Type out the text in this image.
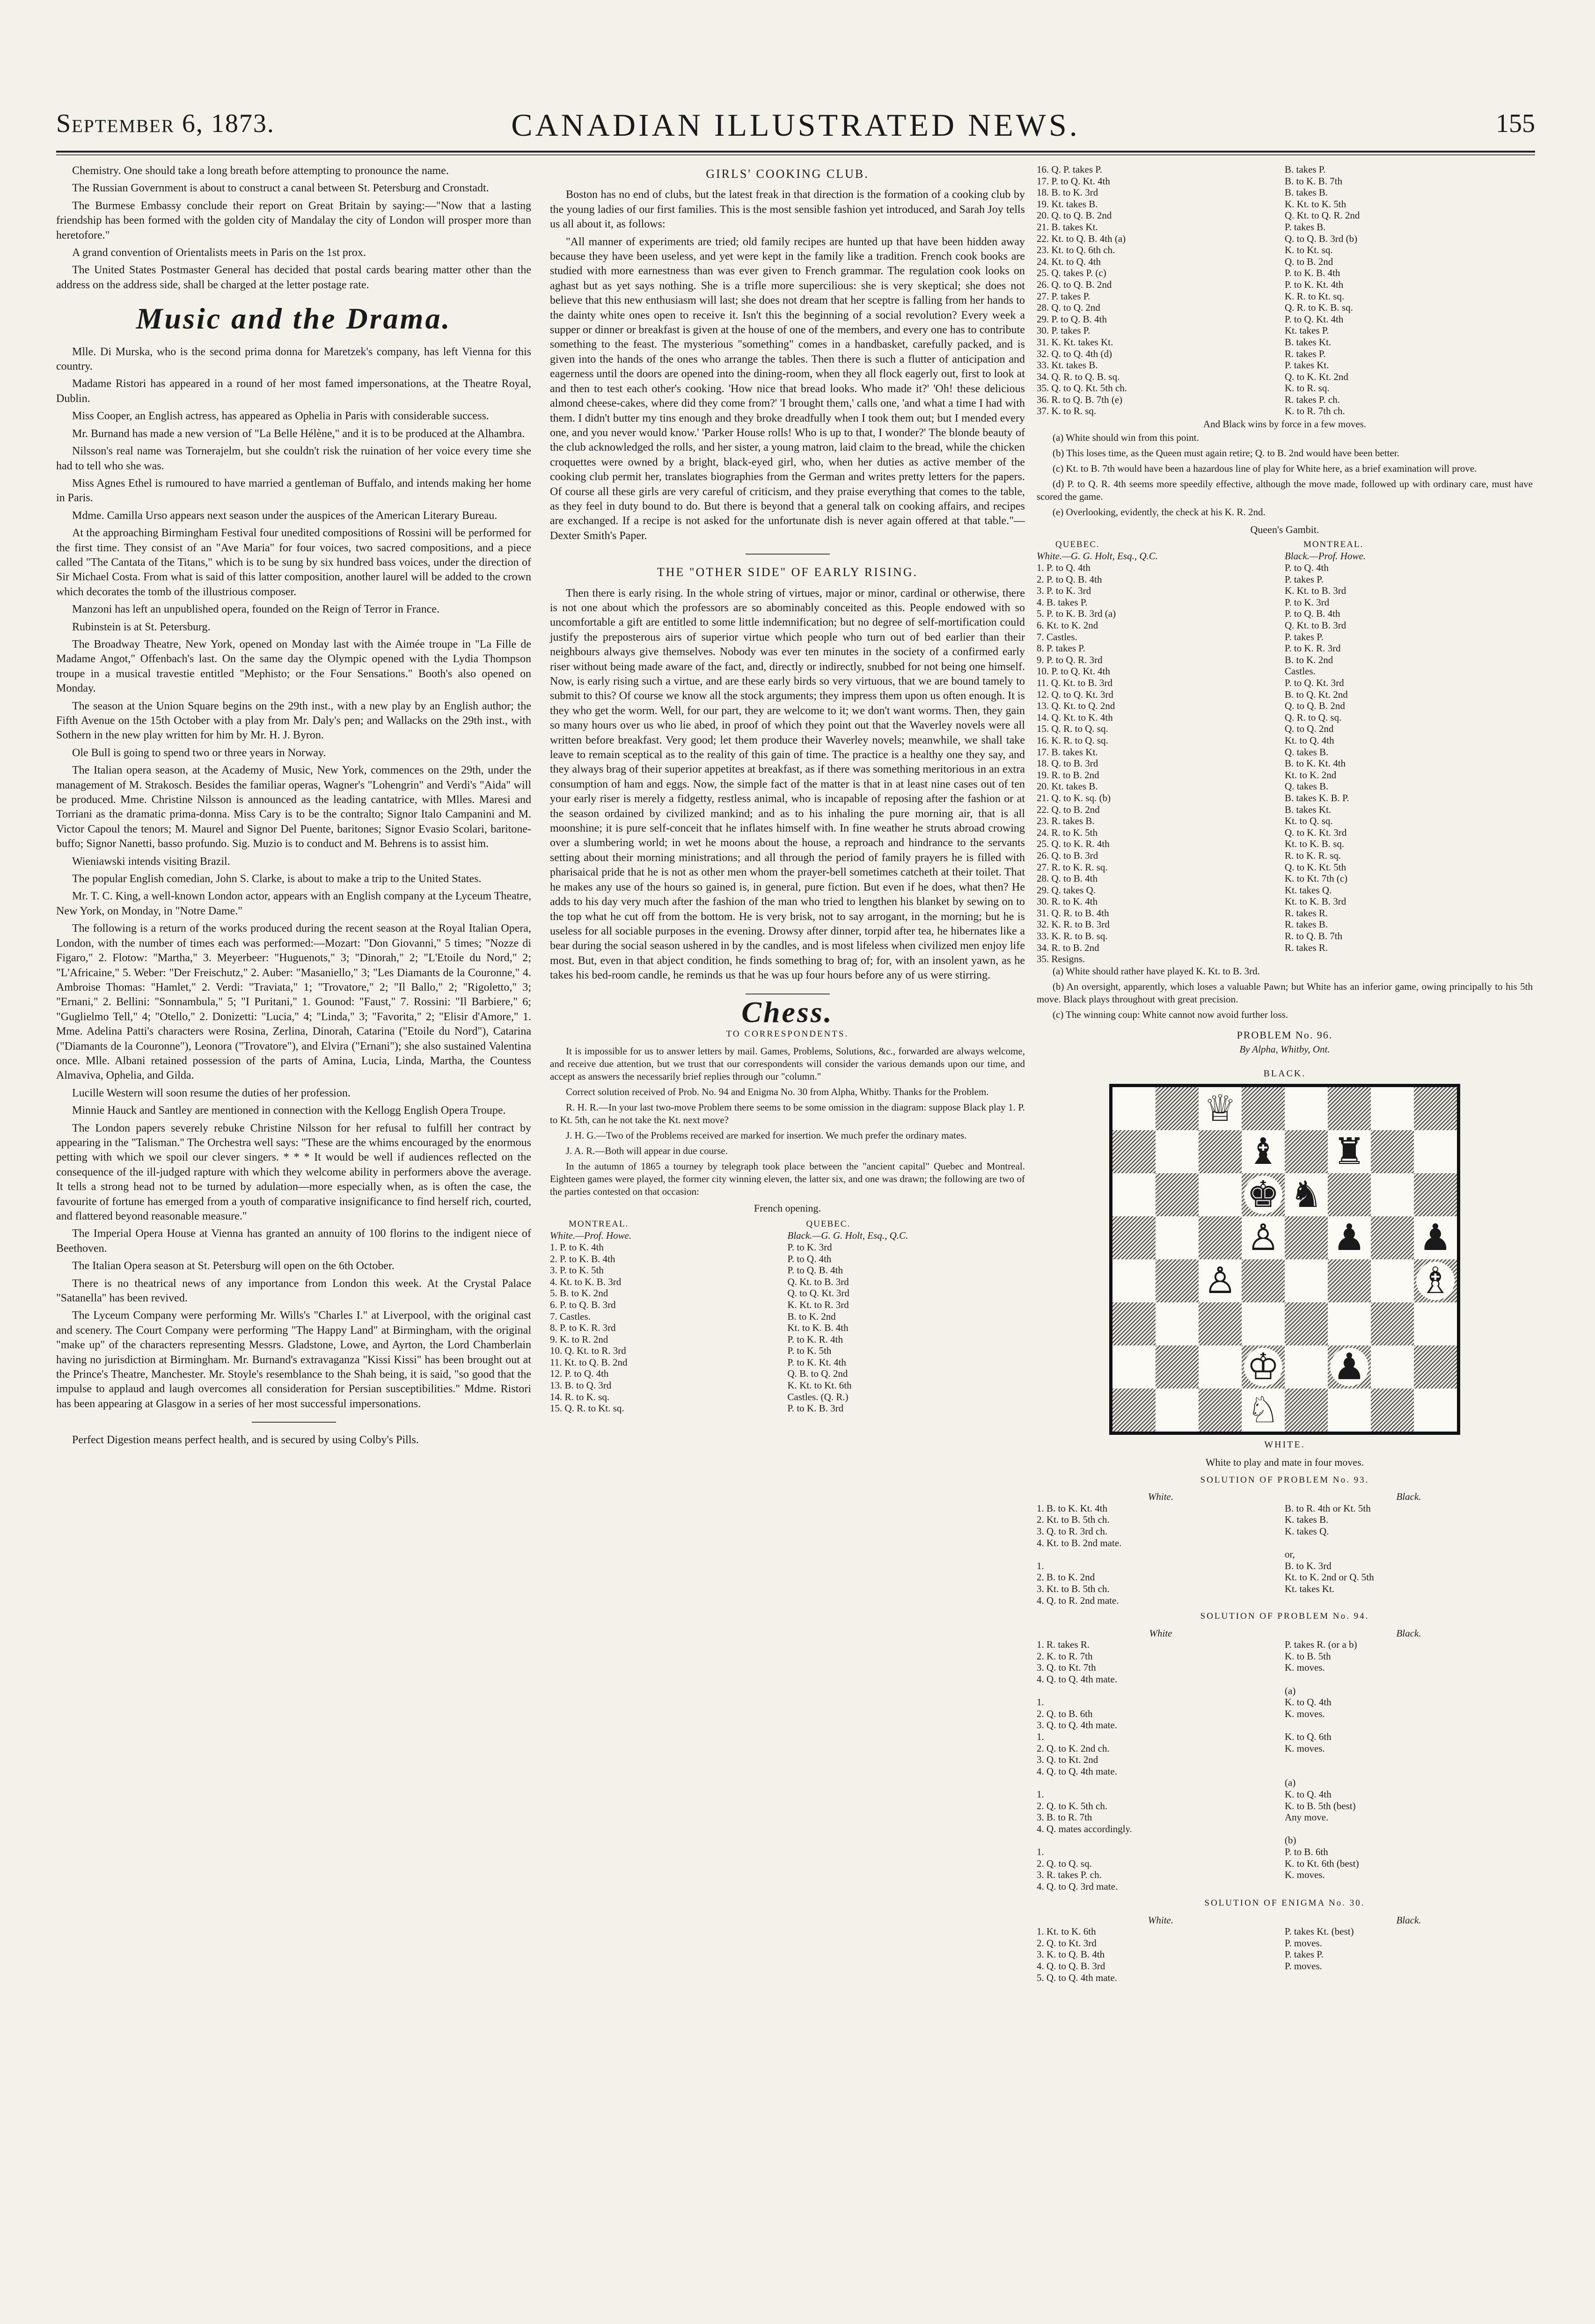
September 6, 1873.	CANADIAN ILLUSTRATED NEWS.	155

Chemistry. One should take a long breath before attempting to pronounce the name.

The Russian Government is about to construct a canal between St. Petersburg and Cronstadt.

The Burmese Embassy conclude their report on Great Britain by saying:—"Now that a lasting friendship has been formed with the golden city of Mandalay the city of London will prosper more than heretofore."

A grand convention of Orientalists meets in Paris on the 1st prox.

The United States Postmaster General has decided that postal cards bearing matter other than the address on the address side, shall be charged at the letter postage rate.

Music and the Drama.

Mlle. Di Murska, who is the second prima donna for Maretzek's company, has left Vienna for this country.

Madame Ristori has appeared in a round of her most famed impersonations, at the Theatre Royal, Dublin.

Miss Cooper, an English actress, has appeared as Ophelia in Paris with considerable success.

Mr. Burnand has made a new version of "La Belle Hélène," and it is to be produced at the Alhambra.

Nilsson's real name was Tornerajelm, but she couldn't risk the ruination of her voice every time she had to tell who she was.

Miss Agnes Ethel is rumoured to have married a gentleman of Buffalo, and intends making her home in Paris.

Mdme. Camilla Urso appears next season under the auspices of the American Literary Bureau.

At the approaching Birmingham Festival four unedited compositions of Rossini will be performed for the first time. They consist of an "Ave Maria" for four voices, two sacred compositions, and a piece called "The Cantata of the Titans," which is to be sung by six hundred bass voices, under the direction of Sir Michael Costa. From what is said of this latter composition, another laurel will be added to the crown which decorates the tomb of the illustrious composer.

Manzoni has left an unpublished opera, founded on the Reign of Terror in France.

Rubinstein is at St. Petersburg.

The Broadway Theatre, New York, opened on Monday last with the Aimée troupe in "La Fille de Madame Angot," Offenbach's last. On the same day the Olympic opened with the Lydia Thompson troupe in a musical travestie entitled "Mephisto; or the Four Sensations." Booth's also opened on Monday.

The season at the Union Square begins on the 29th inst., with a new play by an English author; the Fifth Avenue on the 15th October with a play from Mr. Daly's pen; and Wallacks on the 29th inst., with Sothern in the new play written for him by Mr. H. J. Byron.

Ole Bull is going to spend two or three years in Norway.

The Italian opera season, at the Academy of Music, New York, commences on the 29th, under the management of M. Strakosch. Besides the familiar operas, Wagner's "Lohengrin" and Verdi's "Aida" will be produced. Mme. Christine Nilsson is announced as the leading cantatrice, with Mlles. Maresi and Torriani as the dramatic prima-donna. Miss Cary is to be the contralto; Signor Italo Campanini and M. Victor Capoul the tenors; M. Maurel and Signor Del Puente, baritones; Signor Evasio Scolari, baritone-buffo; Signor Nanetti, basso profundo. Sig. Muzio is to conduct and M. Behrens is to assist him.

Wieniawski intends visiting Brazil.

The popular English comedian, John S. Clarke, is about to make a trip to the United States.

Mr. T. C. King, a well-known London actor, appears with an English company at the Lyceum Theatre, New York, on Monday, in "Notre Dame."

The following is a return of the works produced during the recent season at the Royal Italian Opera, London, with the number of times each was performed:—Mozart: "Don Giovanni," 5 times; "Nozze di Figaro," 2. Flotow: "Martha," 3. Meyerbeer: "Huguenots," 3; "Dinorah," 2; "L'Etoile du Nord," 2; "L'Africaine," 5. Weber: "Der Freischutz," 2. Auber: "Masaniello," 3; "Les Diamants de la Couronne," 4. Ambroise Thomas: "Hamlet," 2. Verdi: "Traviata," 1; "Trovatore," 2; "Il Ballo," 2; "Rigoletto," 3; "Ernani," 2. Bellini: "Sonnambula," 5; "I Puritani," 1. Gounod: "Faust," 7. Rossini: "Il Barbiere," 6; "Guglielmo Tell," 4; "Otello," 2. Donizetti: "Lucia," 4; "Linda," 3; "Favorita," 2; "Elisir d'Amore," 1. Mme. Adelina Patti's characters were Rosina, Zerlina, Dinorah, Catarina ("Etoile du Nord"), Catarina ("Diamants de la Couronne"), Leonora ("Trovatore"), and Elvira ("Ernani"); she also sustained Valentina once. Mlle. Albani retained possession of the parts of Amina, Lucia, Linda, Martha, the Countess Almaviva, Ophelia, and Gilda.

Lucille Western will soon resume the duties of her profession.

Minnie Hauck and Santley are mentioned in connection with the Kellogg English Opera Troupe.

The London papers severely rebuke Christine Nilsson for her refusal to fulfill her contract by appearing in the "Talisman." The Orchestra well says: "These are the whims encouraged by the enormous petting with which we spoil our clever singers. * * * It would be well if audiences reflected on the consequence of the ill-judged rapture with which they welcome ability in performers above the average. It tells a strong head not to be turned by adulation—more especially when, as is often the case, the favourite of fortune has emerged from a youth of comparative insignificance to find herself rich, courted, and flattered beyond reasonable measure."

The Imperial Opera House at Vienna has granted an annuity of 100 florins to the indigent niece of Beethoven.

The Italian Opera season at St. Petersburg will open on the 6th October.

There is no theatrical news of any importance from London this week. At the Crystal Palace "Satanella" has been revived.

The Lyceum Company were performing Mr. Wills's "Charles I." at Liverpool, with the original cast and scenery. The Court Company were performing "The Happy Land" at Birmingham, with the original "make up" of the characters representing Messrs. Gladstone, Lowe, and Ayrton, the Lord Chamberlain having no jurisdiction at Birmingham. Mr. Burnand's extravaganza "Kissi Kissi" has been brought out at the Prince's Theatre, Manchester. Mr. Stoyle's resemblance to the Shah being, it is said, "so good that the impulse to applaud and laugh overcomes all consideration for Persian susceptibilities." Mdme. Ristori has been appearing at Glasgow in a series of her most successful impersonations.

Perfect Digestion means perfect health, and is secured by using Colby's Pills.

GIRLS' COOKING CLUB.

Boston has no end of clubs, but the latest freak in that direction is the formation of a cooking club by the young ladies of our first families. This is the most sensible fashion yet introduced, and Sarah Joy tells us all about it, as follows:

"All manner of experiments are tried; old family recipes are hunted up that have been hidden away because they have been useless, and yet were kept in the family like a tradition. French cook books are studied with more earnestness than was ever given to French grammar. The regulation cook looks on aghast but as yet says nothing. She is a trifle more supercilious: she is very skeptical; she does not believe that this new enthusiasm will last; she does not dream that her sceptre is falling from her hands to the dainty white ones open to receive it. Isn't this the beginning of a social revolution? Every week a supper or dinner or breakfast is given at the house of one of the members, and every one has to contribute something to the feast. The mysterious "something" comes in a handbasket, carefully packed, and is given into the hands of the ones who arrange the tables. Then there is such a flutter of anticipation and eagerness until the doors are opened into the dining-room, when they all flock eagerly out, first to look at and then to test each other's cooking. 'How nice that bread looks. Who made it?' 'Oh! these delicious almond cheese-cakes, where did they come from?' 'I brought them,' calls one, 'and what a time I had with them. I didn't butter my tins enough and they broke dreadfully when I took them out; but I mended every one, and you never would know.' 'Parker House rolls! Who is up to that, I wonder?' The blonde beauty of the club acknowledged the rolls, and her sister, a young matron, laid claim to the bread, while the chicken croquettes were owned by a bright, black-eyed girl, who, when her duties as active member of the cooking club permit her, translates biographies from the German and writes pretty letters for the papers. Of course all these girls are very careful of criticism, and they praise everything that comes to the table, as they feel in duty bound to do. But there is beyond that a general talk on cooking affairs, and recipes are exchanged. If a recipe is not asked for the unfortunate dish is never again offered at that table."—Dexter Smith's Paper.

THE "OTHER SIDE" OF EARLY RISING.

Then there is early rising. In the whole string of virtues, major or minor, cardinal or otherwise, there is not one about which the professors are so abominably conceited as this. People endowed with so uncomfortable a gift are entitled to some little indemnification; but no degree of self-mortification could justify the preposterous airs of superior virtue which people who turn out of bed earlier than their neighbours always give themselves. Nobody was ever ten minutes in the society of a confirmed early riser without being made aware of the fact, and, directly or indirectly, snubbed for not being one himself. Now, is early rising such a virtue, and are these early birds so very virtuous, that we are bound tamely to submit to this? Of course we know all the stock arguments; they impress them upon us often enough. It is they who get the worm. Well, for our part, they are welcome to it; we don't want worms. Then, they gain so many hours over us who lie abed, in proof of which they point out that the Waverley novels were all written before breakfast. Very good; let them produce their Waverley novels; meanwhile, we shall take leave to remain sceptical as to the reality of this gain of time. The practice is a healthy one they say, and they always brag of their superior appetites at breakfast, as if there was something meritorious in an extra consumption of ham and eggs. Now, the simple fact of the matter is that in at least nine cases out of ten your early riser is merely a fidgetty, restless animal, who is incapable of reposing after the fashion or at the season ordained by civilized mankind; and as to his inhaling the pure morning air, that is all moonshine; it is pure self-conceit that he inflates himself with. In fine weather he struts abroad crowing over a slumbering world; in wet he moons about the house, a reproach and hindrance to the servants setting about their morning ministrations; and all through the period of family prayers he is filled with pharisaical pride that he is not as other men whom the prayer-bell sometimes catcheth at their toilet. That he makes any use of the hours so gained is, in general, pure fiction. But even if he does, what then? He adds to his day very much after the fashion of the man who tried to lengthen his blanket by sewing on to the top what he cut off from the bottom. He is very brisk, not to say arrogant, in the morning; but he is useless for all sociable purposes in the evening. Drowsy after dinner, torpid after tea, he hibernates like a bear during the social season ushered in by the candles, and is most lifeless when civilized men enjoy life most. But, even in that abject condition, he finds something to brag of; for, with an insolent yawn, as he takes his bed-room candle, he reminds us that he was up four hours before any of us were stirring.

Chess.
TO CORRESPONDENTS.

It is impossible for us to answer letters by mail. Games, Problems, Solutions, &c., forwarded are always welcome, and receive due attention, but we trust that our correspondents will consider the various demands upon our time, and accept as answers the necessarily brief replies through our "column."

Correct solution received of Prob. No. 94 and Enigma No. 30 from Alpha, Whitby. Thanks for the Problem.

R. H. R.—In your last two-move Problem there seems to be some omission in the diagram: suppose Black play 1. P. to Kt. 5th, can he not take the Kt. next move?

J. H. G.—Two of the Problems received are marked for insertion. We much prefer the ordinary mates.

J. A. R.—Both will appear in due course.

In the autumn of 1865 a tourney by telegraph took place between the "ancient capital" Quebec and Montreal. Eighteen games were played, the former city winning eleven, the latter six, and one was drawn; the following are two of the parties contested on that occasion:

French opening.
MONTREAL.	QUEBEC.
White.—Prof. Howe.	Black.—G. G. Holt, Esq., Q.C.
1. P. to K. 4th	P. to K. 3rd
2. P. to K. B. 4th	P. to Q. 4th
3. P. to K. 5th	P. to Q. B. 4th
4. Kt. to K. B. 3rd	Q. Kt. to B. 3rd
5. B. to K. 2nd	Q. to Q. Kt. 3rd
6. P. to Q. B. 3rd	K. Kt. to R. 3rd
7. Castles.	B. to K. 2nd
8. P. to K. R. 3rd	Kt. to K. B. 4th
9. K. to R. 2nd	P. to K. R. 4th
10. Q. Kt. to R. 3rd	P. to K. 5th
11. Kt. to Q. B. 2nd	P. to K. Kt. 4th
12. P. to Q. 4th	Q. B. to Q. 2nd
13. B. to Q. 3rd	K. Kt. to Kt. 6th
14. R. to K. sq.	Castles. (Q. R.)
15. Q. R. to Kt. sq.	P. to K. B. 3rd
16. Q. P. takes P.	B. takes P.
17. P. to Q. Kt. 4th	B. to K. B. 7th
18. B. to K. 3rd	B. takes B.
19. Kt. takes B.	K. Kt. to K. 5th
20. Q. to Q. B. 2nd	Q. Kt. to Q. R. 2nd
21. B. takes Kt.	P. takes B.
22. Kt. to Q. B. 4th (a)	Q. to Q. B. 3rd (b)
23. Kt. to Q. 6th ch.	K. to Kt. sq.
24. Kt. to Q. 4th	Q. to B. 2nd
25. Q. takes P. (c)	P. to K. B. 4th
26. Q. to Q. B. 2nd	P. to K. Kt. 4th
27. P. takes P.	K. R. to Kt. sq.
28. Q. to Q. 2nd	Q. R. to K. B. sq.
29. P. to Q. B. 4th	P. to Q. Kt. 4th
30. P. takes P.	Kt. takes P.
31. K. Kt. takes Kt.	B. takes Kt.
32. Q. to Q. 4th (d)	R. takes P.
33. Kt. takes B.	P. takes Kt.
34. Q. R. to Q. B. sq.	Q. to K. Kt. 2nd
35. Q. to Q. Kt. 5th ch.	K. to R. sq.
36. R. to Q. B. 7th (e)	R. takes P. ch.
37. K. to R. sq.	K. to R. 7th ch.
And Black wins by force in a few moves.

(a) White should win from this point.

(b) This loses time, as the Queen must again retire; Q. to B. 2nd would have been better.

(c) Kt. to B. 7th would have been a hazardous line of play for White here, as a brief examination will prove.

(d) P. to Q. R. 4th seems more speedily effective, although the move made, followed up with ordinary care, must have scored the game.

(e) Overlooking, evidently, the check at his K. R. 2nd.

Queen's Gambit.
QUEBEC.	MONTREAL.
White.—G. G. Holt, Esq., Q.C.	Black.—Prof. Howe.
1. P. to Q. 4th	P. to Q. 4th
2. P. to Q. B. 4th	P. takes P.
3. P. to K. 3rd	K. Kt. to B. 3rd
4. B. takes P.	P. to K. 3rd
5. P. to K. B. 3rd (a)	P. to Q. B. 4th
6. Kt. to K. 2nd	Q. Kt. to B. 3rd
7. Castles.	P. takes P.
8. P. takes P.	P. to K. R. 3rd
9. P. to Q. R. 3rd	B. to K. 2nd
10. P. to Q. Kt. 4th	Castles.
11. Q. Kt. to B. 3rd	P. to Q. Kt. 3rd
12. Q. to Q. Kt. 3rd	B. to Q. Kt. 2nd
13. Q. Kt. to Q. 2nd	Q. to Q. B. 2nd
14. Q. Kt. to K. 4th	Q. R. to Q. sq.
15. Q. R. to Q. sq.	Q. to Q. 2nd
16. K. R. to Q. sq.	Kt. to Q. 4th
17. B. takes Kt.	Q. takes B.
18. Q. to B. 3rd	B. to K. Kt. 4th
19. R. to B. 2nd	Kt. to K. 2nd
20. Kt. takes B.	Q. takes B.
21. Q. to K. sq. (b)	B. takes K. B. P.
22. Q. to B. 2nd	B. takes Kt.
23. R. takes B.	Kt. to Q. sq.
24. R. to K. 5th	Q. to K. Kt. 3rd
25. Q. to K. R. 4th	Kt. to K. B. sq.
26. Q. to B. 3rd	R. to K. R. sq.
27. R. to K. R. sq.	Q. to K. Kt. 5th
28. Q. to B. 4th	K. to Kt. 7th (c)
29. Q. takes Q.	Kt. takes Q.
30. R. to K. 4th	Kt. to K. B. 3rd
31. Q. R. to B. 4th	R. takes R.
32. K. R. to B. 3rd	R. takes B.
33. K. R. to B. sq.	R. to Q. B. 7th
34. R. to B. 2nd	R. takes R.
35. Resigns.	

(a) White should rather have played K. Kt. to B. 3rd.

(b) An oversight, apparently, which loses a valuable Pawn; but White has an inferior game, owing principally to his 5th move. Black plays throughout with great precision.

(c) The winning coup: White cannot now avoid further loss.

PROBLEM No. 96.
By Alpha, Whitby, Ont.
BLACK.
♕
♝ ♜
♚ ♞
♙ ♟ ♟
♙	♗
♔ ♟
♘
WHITE.
White to play and mate in four moves.
SOLUTION OF PROBLEM No. 93.
White.	Black.
1. B. to K. Kt. 4th	B. to R. 4th or Kt. 5th
2. Kt. to B. 5th ch.	K. takes B.
3. Q. to R. 3rd ch.	K. takes Q.
4. Kt. to B. 2nd mate.	
	or,
1.	B. to K. 3rd
2. B. to K. 2nd	Kt. to K. 2nd or Q. 5th
3. Kt. to B. 5th ch.	Kt. takes Kt.
4. Q. to R. 2nd mate.	
SOLUTION OF PROBLEM No. 94.
White	Black.
1. R. takes R.	P. takes R. (or a b)
2. K. to R. 7th	K. to B. 5th
3. Q. to Kt. 7th	K. moves.
4. Q. to Q. 4th mate.	
	(a)
1.	K. to Q. 4th
2. Q. to B. 6th	K. moves.
3. Q. to Q. 4th mate.	
1.	K. to Q. 6th
2. Q. to K. 2nd ch.	K. moves.
3. Q. to Kt. 2nd	
4. Q. to Q. 4th mate.	
	(a)
1.	K. to Q. 4th
2. Q. to K. 5th ch.	K. to B. 5th (best)
3. B. to R. 7th	Any move.
4. Q. mates accordingly.	
	(b)
1.	P. to B. 6th
2. Q. to Q. sq.	K. to Kt. 6th (best)
3. R. takes P. ch.	K. moves.
4. Q. to Q. 3rd mate.	
SOLUTION OF ENIGMA No. 30.
White.	Black.
1. Kt. to K. 6th	P. takes Kt. (best)
2. Q. to Kt. 3rd	P. moves.
3. K. to Q. B. 4th	P. takes P.
4. Q. to Q. B. 3rd	P. moves.
5. Q. to Q. 4th mate.	
